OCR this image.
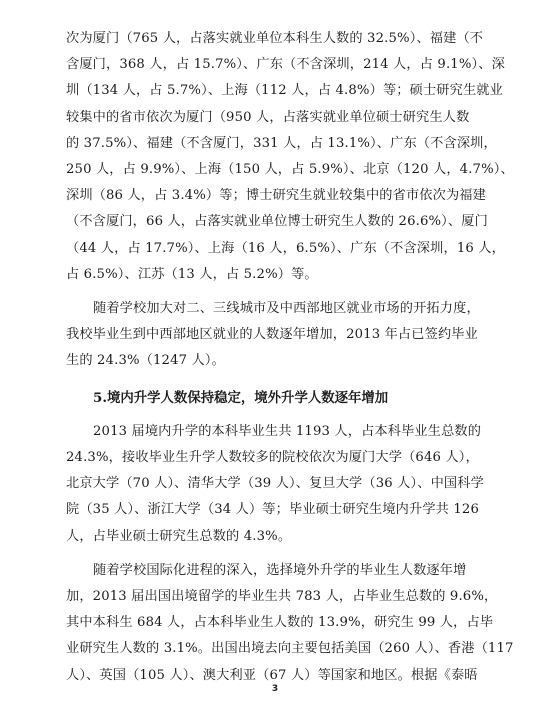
次为厦门（765 人，占落实就业单位本科生人数的 32.5%）、福建（不
含厦门，368 人，占 15.7%）、广东（不含深圳，214 人，占 9.1%）、深
圳（134 人，占 5.7%）、上海（112 人，占 4.8%）等；硕士研究生就业
较集中的省市依次为厦门（950 人，占落实就业单位硕士研究生人数
的 37.5%）、福建（不含厦门，331 人，占 13.1%）、广东（不含深圳，
250 人，占 9.9%）、上海（150 人，占 5.9%）、北京（120 人，4.7%）、
深圳（86 人，占 3.4%）等；博士研究生就业较集中的省市依次为福建
（不含厦门，66 人，占落实就业单位博士研究生人数的 26.6%）、厦门
（44 人，占 17.7%）、上海（16 人，6.5%）、广东（不含深圳，16 人，
占 6.5%）、江苏（13 人，占 5.2%）等。
随着学校加大对二、三线城市及中西部地区就业市场的开拓力度，
我校毕业生到中西部地区就业的人数逐年增加，2013 年占已签约毕业
生的 24.3%（1247 人）。
5.境内升学人数保持稳定，境外升学人数逐年增加
2013 届境内升学的本科毕业生共 1193 人，占本科毕业生总数的
24.3%，接收毕业生升学人数较多的院校依次为厦门大学（646 人），
北京大学（70 人）、清华大学（39 人）、复旦大学（36 人）、中国科学
院（35 人）、浙江大学（34 人）等；毕业硕士研究生境内升学共 126
人，占毕业硕士研究生总数的 4.3%。
随着学校国际化进程的深入，选择境外升学的毕业生人数逐年增
加，2013 届出国出境留学的毕业生共 783 人，占毕业生总数的 9.6%，
其中本科生 684 人，占本科毕业生人数的 13.9%，研究生 99 人，占毕
业研究生人数的 3.1%。出国出境去向主要包括美国（260 人）、香港（117
人）、英国（105 人）、澳大利亚（67 人）等国家和地区。根据《泰晤
3
